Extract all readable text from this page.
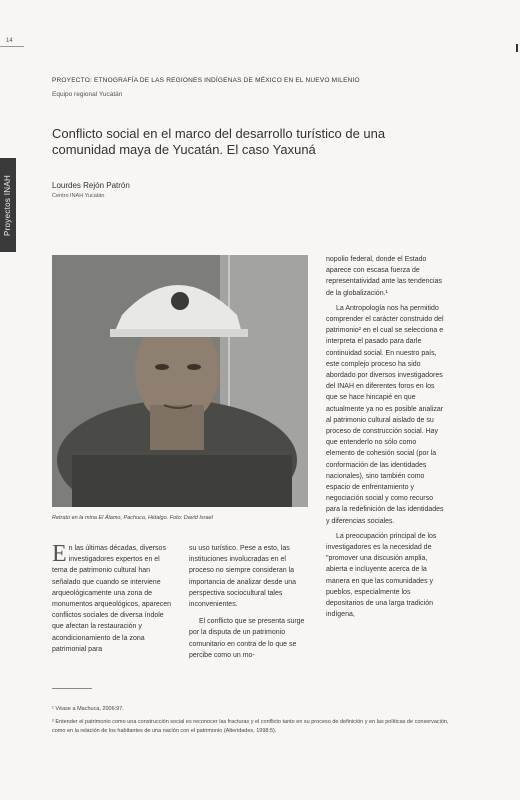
14
Proyectos INAH
PROYECTO: ETNOGRAFÍA DE LAS REGIONES INDÍGENAS DE MÉXICO EN EL NUEVO MILENIO
Equipo regional Yucatán
Conflicto social en el marco del desarrollo turístico de una comunidad maya de Yucatán. El caso Yaxuná
Lourdes Rejón Patrón
Centro INAH Yucatán
Retrato en la mina El Álamo, Pachuca, Hidalgo. Foto: David Israel

En las últimas décadas, diversos investigadores expertos en el tema de patrimonio cultural han señalado que cuando se interviene arqueológicamente una zona de monumentos arqueológicos, aparecen conflictos sociales de diversa índole que afectan la restauración y acondicionamiento de la zona patrimonial para

su uso turístico. Pese a esto, las instituciones involucradas en el proceso no siempre consideran la importancia de analizar desde una perspectiva sociocultural tales inconvenientes.

El conflicto que se presenta surge por la disputa de un patrimonio comunitario en contra de lo que se percibe como un mo-

nopolio federal, donde el Estado aparece con escasa fuerza de representatividad ante las tendencias de la globalización.¹

La Antropología nos ha permitido comprender el carácter construido del patrimonio² en el cual se selecciona e interpreta el pasado para darle continuidad social. En nuestro país, este complejo proceso ha sido abordado por diversos investigadores del INAH en diferentes foros en los que se hace hincapié en que actualmente ya no es posible analizar al patrimonio cultural aislado de su proceso de construcción social. Hay que entenderlo no sólo como elemento de cohesión social (por la conformación de las identidades nacionales), sino también como espacio de enfrentamiento y negociación social y como recurso para la redefinición de las identidades y diferencias sociales.

La preocupación principal de los investigadores es la necesidad de "promover una discusión amplia, abierta e incluyente acerca de la manera en que las comunidades y pueblos, especialmente los depositarios de una larga tradición indígena,

¹ Véase a Machuca, 2006:97.

² Entender el patrimonio como una construcción social es reconocer las fracturas y el conflicto tanto en su proceso de definición y en las políticas de conservación, como en la relación de los habitantes de una nación con el patrimonio (Alteridades, 1998:5).
